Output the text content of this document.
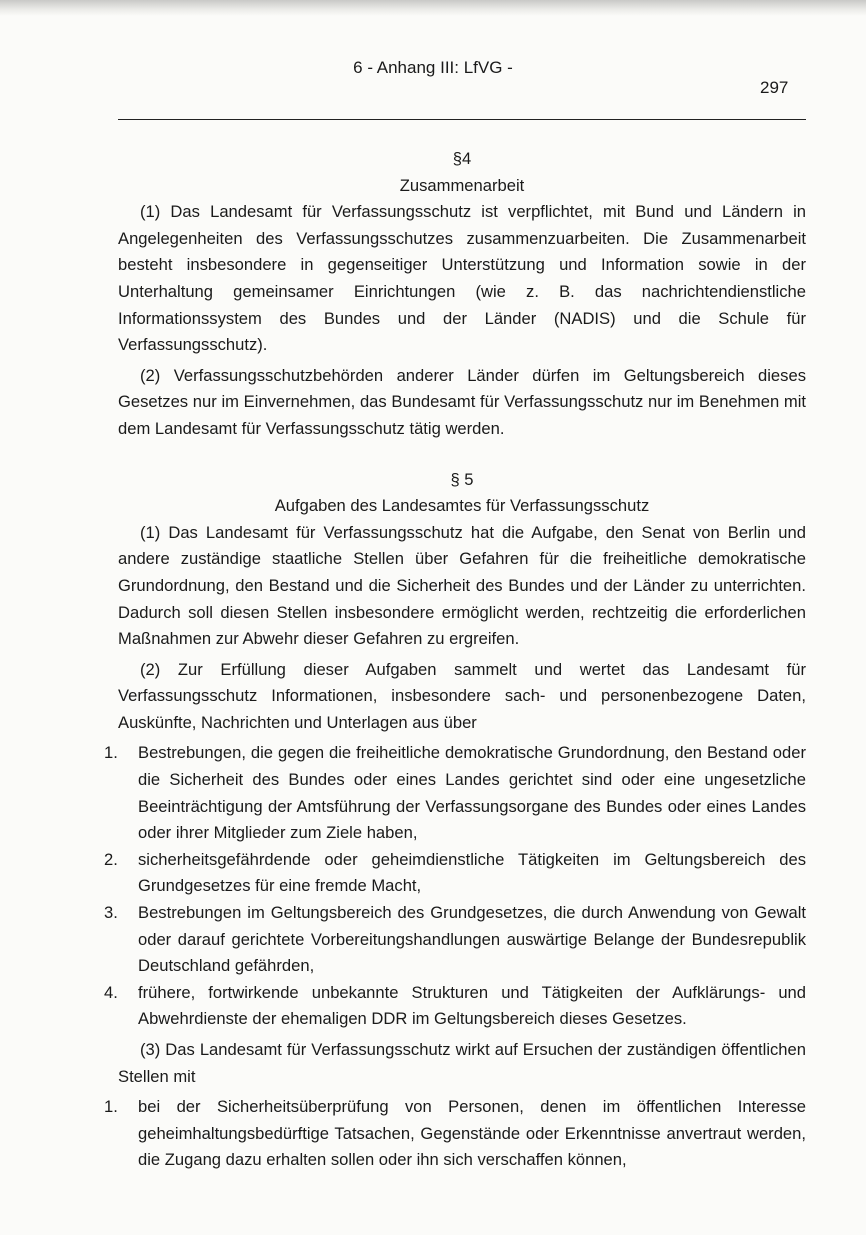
6 - Anhang III: LfVG -
297
§4
Zusammenarbeit

(1) Das Landesamt für Verfassungsschutz ist verpflichtet, mit Bund und Ländern in Angelegenheiten des Verfassungsschutzes zusammenzuarbeiten. Die Zusammenarbeit besteht insbesondere in gegenseitiger Unterstützung und Information sowie in der Unterhaltung gemeinsamer Einrichtungen (wie z. B. das nachrichtendienstliche Informationssystem des Bundes und der Länder (NADIS) und die Schule für Verfassungsschutz).

(2) Verfassungsschutzbehörden anderer Länder dürfen im Geltungsbereich dieses Gesetzes nur im Einvernehmen, das Bundesamt für Verfassungsschutz nur im Benehmen mit dem Landesamt für Verfassungsschutz tätig werden.

§ 5
Aufgaben des Landesamtes für Verfassungsschutz

(1) Das Landesamt für Verfassungsschutz hat die Aufgabe, den Senat von Berlin und andere zuständige staatliche Stellen über Gefahren für die freiheitliche demokratische Grundordnung, den Bestand und die Sicherheit des Bundes und der Länder zu unterrichten. Dadurch soll diesen Stellen insbesondere ermöglicht werden, rechtzeitig die erforderlichen Maßnahmen zur Abwehr dieser Gefahren zu ergreifen.

(2) Zur Erfüllung dieser Aufgaben sammelt und wertet das Landesamt für Verfassungsschutz Informationen, insbesondere sach- und personenbezogene Daten, Auskünfte, Nachrichten und Unterlagen aus über

1. Bestrebungen, die gegen die freiheitliche demokratische Grundordnung, den Bestand oder die Sicherheit des Bundes oder eines Landes gerichtet sind oder eine ungesetzliche Beeinträchtigung der Amtsführung der Verfassungsorgane des Bundes oder eines Landes oder ihrer Mitglieder zum Ziele haben,
2. sicherheitsgefährdende oder geheimdienstliche Tätigkeiten im Geltungsbereich des Grundgesetzes für eine fremde Macht,
3. Bestrebungen im Geltungsbereich des Grundgesetzes, die durch Anwendung von Gewalt oder darauf gerichtete Vorbereitungshandlungen auswärtige Belange der Bundesrepublik Deutschland gefährden,
4. frühere, fortwirkende unbekannte Strukturen und Tätigkeiten der Aufklärungs- und Abwehrdienste der ehemaligen DDR im Geltungsbereich dieses Gesetzes.

(3) Das Landesamt für Verfassungsschutz wirkt auf Ersuchen der zuständigen öffentlichen Stellen mit

1. bei der Sicherheitsüberprüfung von Personen, denen im öffentlichen Interesse geheimhaltungsbedürftige Tatsachen, Gegenstände oder Erkenntnisse anvertraut werden, die Zugang dazu erhalten sollen oder ihn sich verschaffen können,
